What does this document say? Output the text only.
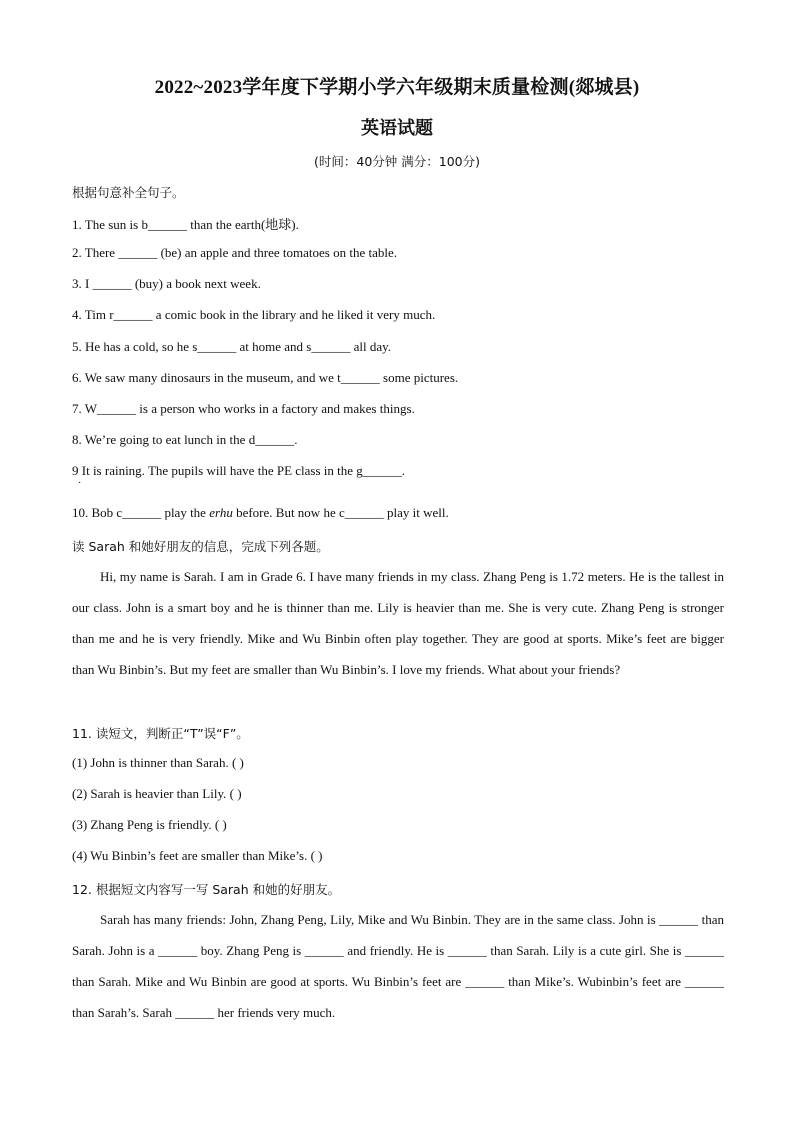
2022~2023学年度下学期小学六年级期末质量检测(郯城县)
英语试题
(时间：40分钟 满分：100分)
根据句意补全句子。
1. The sun is b______ than the earth(地球).
2. There ______ (be) an apple and three tomatoes on the table.
3. I ______ (buy) a book next week.
4. Tim r______ a comic book in the library and he liked it very much.
5. He has a cold, so he s______ at home and s______ all day.
6. We saw many dinosaurs in the museum, and we t______ some pictures.
7. W______ is a person who works in a factory and makes things.
8. We’re going to eat lunch in the d______.
9 It is raining. The pupils will have the PE class in the g______.
·
10. Bob c______ play the erhu before. But now he c______ play it well.
读 Sarah 和她好朋友的信息，完成下列各题。
Hi, my name is Sarah. I am in Grade 6. I have many friends in my class. Zhang Peng is 1.72 meters. He is the tallest in our class. John is a smart boy and he is thinner than me. Lily is heavier than me. She is very cute. Zhang Peng is stronger than me and he is very friendly. Mike and Wu Binbin often play together. They are good at sports. Mike’s feet are bigger than Wu Binbin’s. But my feet are smaller than Wu Binbin’s. I love my friends. What about your friends?
11. 读短文，判断正“T”误“F”。
(1) John is thinner than Sarah. ( )
(2) Sarah is heavier than Lily. ( )
(3) Zhang Peng is friendly. ( )
(4) Wu Binbin’s feet are smaller than Mike’s. ( )
12. 根据短文内容写一写 Sarah 和她的好朋友。
Sarah has many friends: John, Zhang Peng, Lily, Mike and Wu Binbin. They are in the same class. John is ______ than Sarah. John is a ______ boy. Zhang Peng is ______ and friendly. He is ______ than Sarah. Lily is a cute girl. She is ______ than Sarah. Mike and Wu Binbin are good at sports. Wu Binbin’s feet are ______ than Mike’s. Wubinbin’s feet are ______ than Sarah’s. Sarah ______ her friends very much.
